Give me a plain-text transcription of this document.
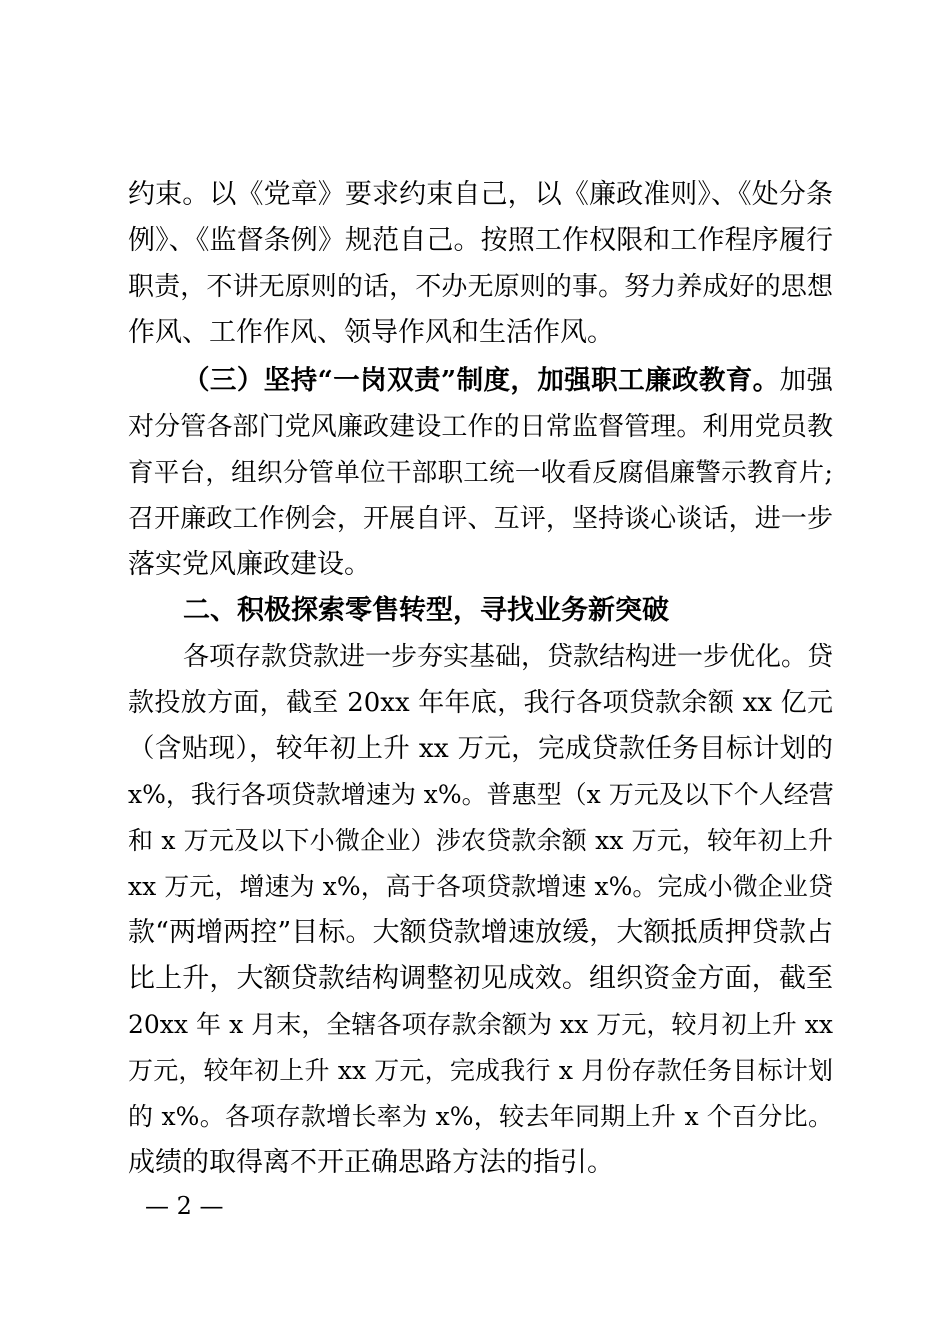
约束。以《党章》要求约束自己，以《廉政准则》、《处分条
例》、《监督条例》规范自己。按照工作权限和工作程序履行
职责，不讲无原则的话，不办无原则的事。努力养成好的思想
作风、工作作风、领导作风和生活作风。
（三）坚持“一岗双责”制度，加强职工廉政教育。加强
对分管各部门党风廉政建设工作的日常监督管理。利用党员教
育平台，组织分管单位干部职工统一收看反腐倡廉警示教育片;
召开廉政工作例会，开展自评、互评，坚持谈心谈话，进一步
落实党风廉政建设。
二、积极探索零售转型，寻找业务新突破
各项存款贷款进一步夯实基础，贷款结构进一步优化。贷
款投放方面，截至 20xx 年年底，我行各项贷款余额 xx 亿元
（含贴现），较年初上升 xx 万元，完成贷款任务目标计划的
x%，我行各项贷款增速为 x%。普惠型（x 万元及以下个人经营
和 x 万元及以下小微企业）涉农贷款余额 xx 万元，较年初上升
xx 万元，增速为 x%，高于各项贷款增速 x%。完成小微企业贷
款“两增两控”目标。大额贷款增速放缓，大额抵质押贷款占
比上升，大额贷款结构调整初见成效。组织资金方面，截至
20xx 年 x 月末，全辖各项存款余额为 xx 万元，较月初上升 xx
万元，较年初上升 xx 万元，完成我行 x 月份存款任务目标计划
的 x%。各项存款增长率为 x%，较去年同期上升 x 个百分比。
成绩的取得离不开正确思路方法的指引。
— 2 —
